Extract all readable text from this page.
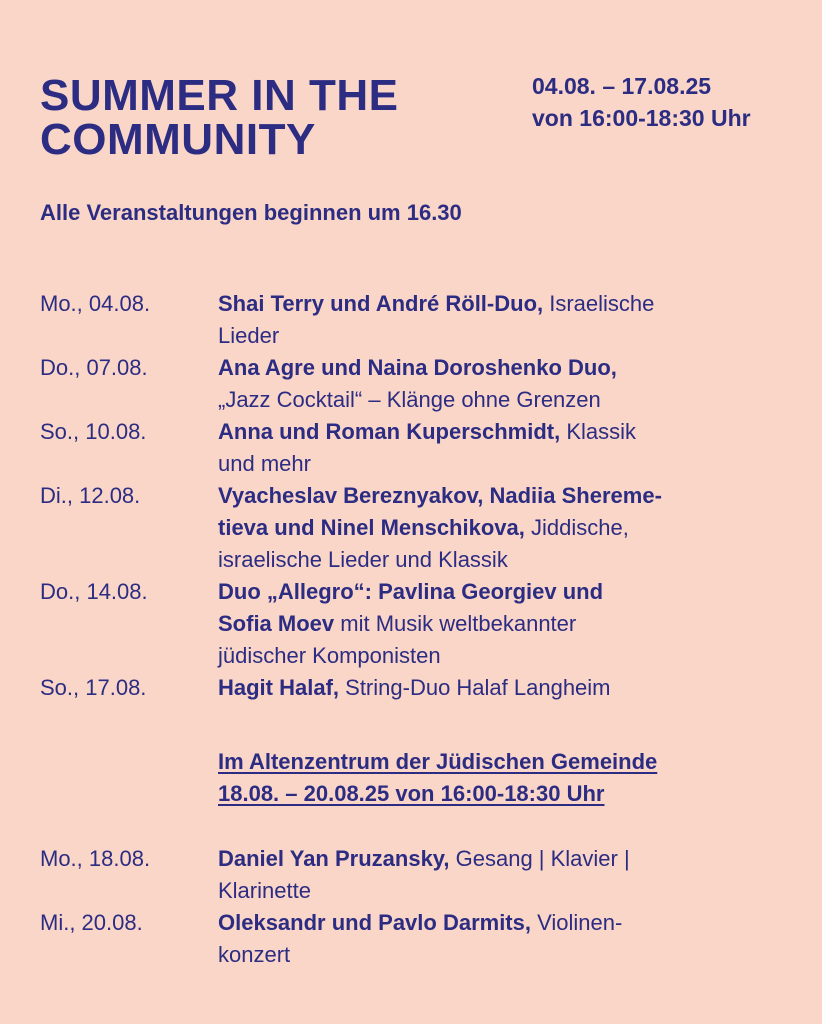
SUMMER IN THE
COMMUNITY
04.08. – 17.08.25
von 16:00-18:30 Uhr

Alle Veranstaltungen beginnen um 16.30

Mo., 04.08.	Shai Terry und André Röll-Duo, Israelische
Lieder
Do., 07.08.	Ana Agre und Naina Doroshenko Duo,
„Jazz Cocktail“ – Klänge ohne Grenzen
So., 10.08.	Anna und Roman Kuperschmidt, Klassik
und mehr
Di., 12.08.	Vyacheslav Bereznyakov, Nadiia Shereme-
tieva und Ninel Menschikova, Jiddische,
israelische Lieder und Klassik
Do., 14.08.	Duo „Allegro“: Pavlina Georgiev und
Sofia Moev mit Musik weltbekannter
jüdischer Komponisten
So., 17.08.	Hagit Halaf, String-Duo Halaf Langheim
Im Altenzentrum der Jüdischen Gemeinde
18.08. – 20.08.25 von 16:00-18:30 Uhr
Mo., 18.08.	Daniel Yan Pruzansky, Gesang | Klavier |
Klarinette
Mi., 20.08.	Oleksandr und Pavlo Darmits, Violinen-
konzert
